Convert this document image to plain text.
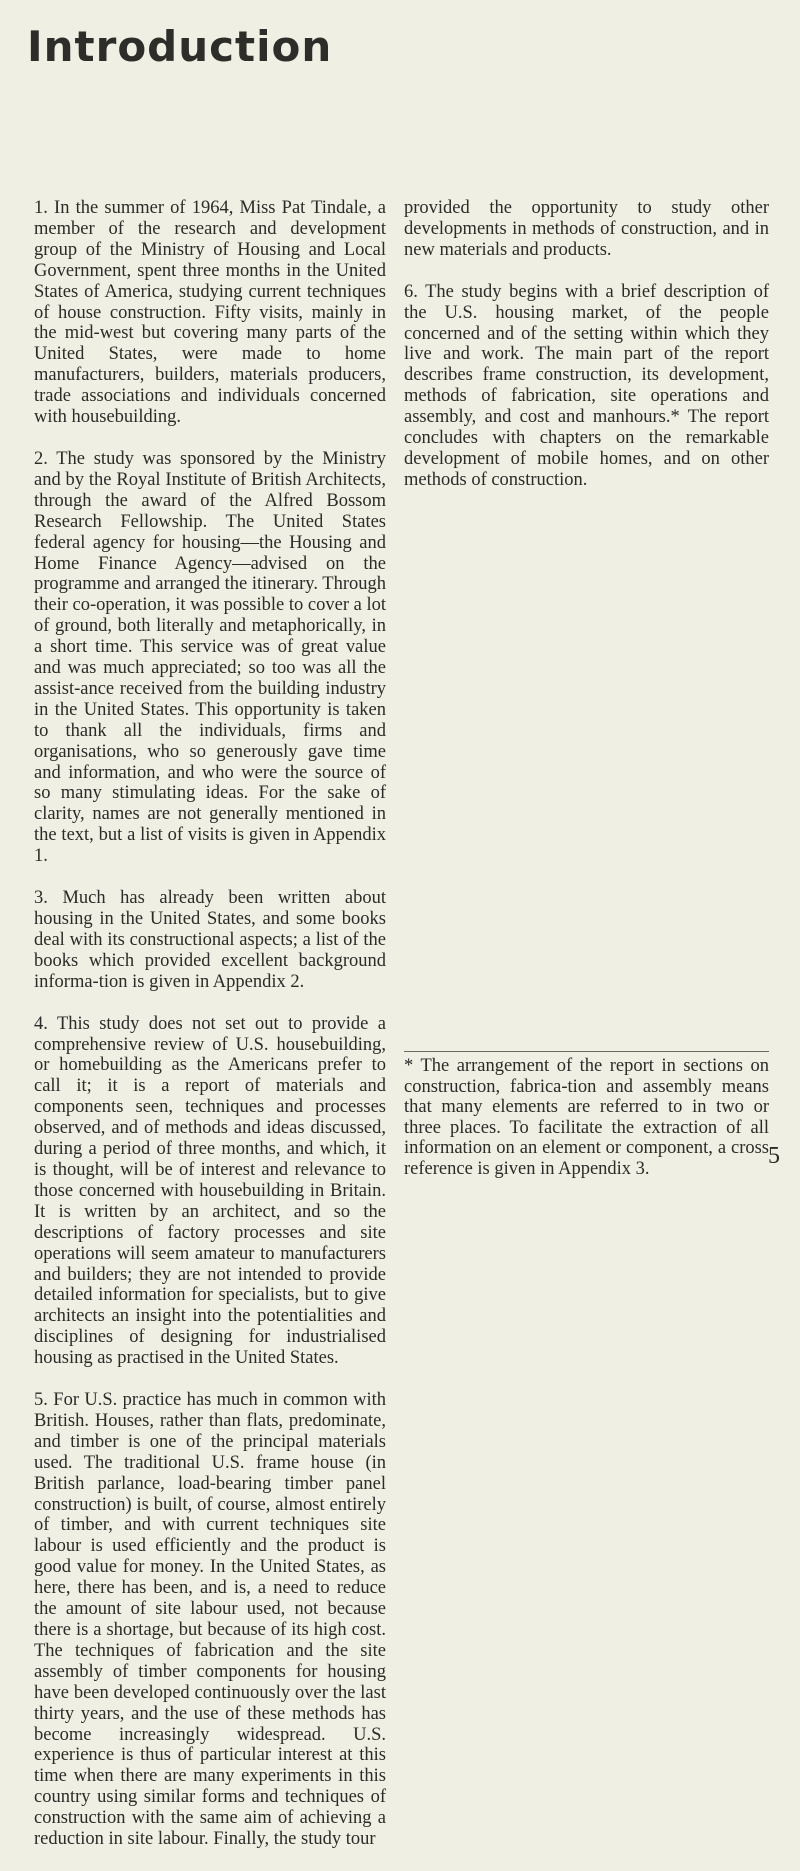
Introduction

1. In the summer of 1964, Miss Pat Tindale, a member of the research and development group of the Ministry of Housing and Local Government, spent three months in the United States of America, studying current techniques of house construction. Fifty visits, mainly in the mid-west but covering many parts of the United States, were made to home manufacturers, builders, materials producers, trade associations and individuals concerned with housebuilding.

2. The study was sponsored by the Ministry and by the Royal Institute of British Architects, through the award of the Alfred Bossom Research Fellowship. The United States federal agency for housing—the Housing and Home Finance Agency—advised on the programme and arranged the itinerary. Through their co-operation, it was possible to cover a lot of ground, both literally and metaphorically, in a short time. This service was of great value and was much appreciated; so too was all the assist-ance received from the building industry in the United States. This opportunity is taken to thank all the individuals, firms and organisations, who so generously gave time and information, and who were the source of so many stimulating ideas. For the sake of clarity, names are not generally mentioned in the text, but a list of visits is given in Appendix 1.

3. Much has already been written about housing in the United States, and some books deal with its constructional aspects; a list of the books which provided excellent background informa-tion is given in Appendix 2.

4. This study does not set out to provide a comprehensive review of U.S. housebuilding, or homebuilding as the Americans prefer to call it; it is a report of materials and components seen, techniques and processes observed, and of methods and ideas discussed, during a period of three months, and which, it is thought, will be of interest and relevance to those concerned with housebuilding in Britain. It is written by an architect, and so the descriptions of factory processes and site operations will seem amateur to manufacturers and builders; they are not intended to provide detailed information for specialists, but to give architects an insight into the potentialities and disciplines of designing for industrialised housing as practised in the United States.

5. For U.S. practice has much in common with British. Houses, rather than flats, predominate, and timber is one of the principal materials used. The traditional U.S. frame house (in British parlance, load-bearing timber panel construction) is built, of course, almost entirely of timber, and with current techniques site labour is used efficiently and the product is good value for money. In the United States, as here, there has been, and is, a need to reduce the amount of site labour used, not because there is a shortage, but because of its high cost. The techniques of fabrication and the site assembly of timber components for housing have been developed continuously over the last thirty years, and the use of these methods has become increasingly widespread. U.S. experience is thus of particular interest at this time when there are many experiments in this country using similar forms and techniques of construction with the same aim of achieving a reduction in site labour. Finally, the study tour

provided the opportunity to study other developments in methods of construction, and in new materials and products.

6. The study begins with a brief description of the U.S. housing market, of the people concerned and of the setting within which they live and work. The main part of the report describes frame construction, its development, methods of fabrication, site operations and assembly, and cost and manhours.* The report concludes with chapters on the remarkable development of mobile homes, and on other methods of construction.

* The arrangement of the report in sections on construction, fabrica-tion and assembly means that many elements are referred to in two or three places. To facilitate the extraction of all information on an element or component, a cross reference is given in Appendix 3.	5
